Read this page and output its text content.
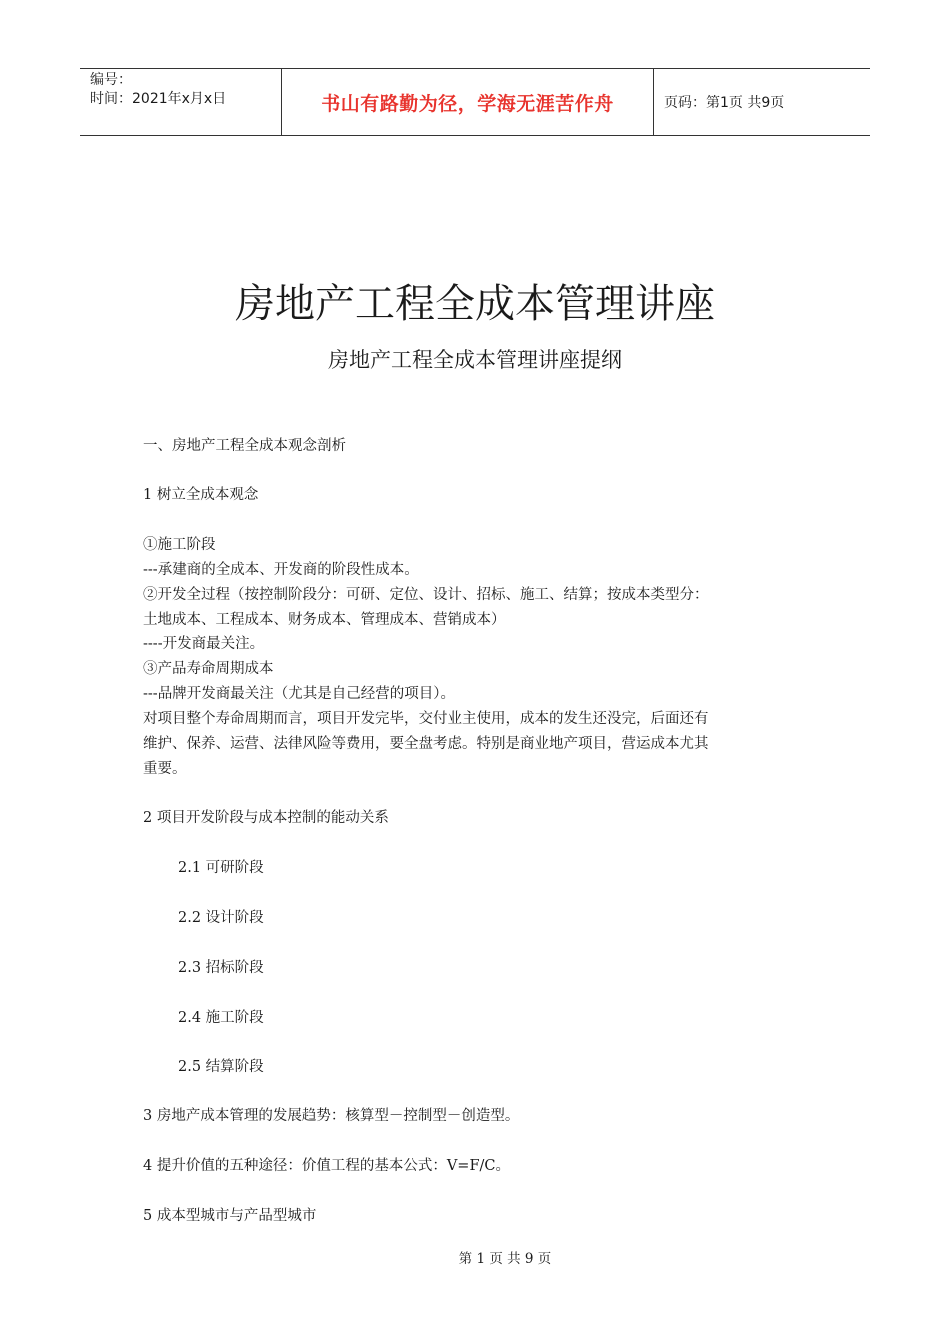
编号：
时间：2021年x月x日	书山有路勤为径，学海无涯苦作舟	页码：第1页 共9页
房地产工程全成本管理讲座
房地产工程全成本管理讲座提纲
一、房地产工程全成本观念剖析
1 树立全成本观念
①施工阶段
---承建商的全成本、开发商的阶段性成本。
②开发全过程（按控制阶段分：可研、定位、设计、招标、施工、结算；按成本类型分：
土地成本、工程成本、财务成本、管理成本、营销成本）
----开发商最关注。
③产品寿命周期成本
---品牌开发商最关注（尤其是自己经营的项目）。
对项目整个寿命周期而言，项目开发完毕，交付业主使用，成本的发生还没完，后面还有
维护、保养、运营、法律风险等费用，要全盘考虑。特别是商业地产项目，营运成本尤其
重要。
2 项目开发阶段与成本控制的能动关系
2.1 可研阶段
2.2 设计阶段
2.3 招标阶段
2.4 施工阶段
2.5 结算阶段
3 房地产成本管理的发展趋势：核算型－控制型－创造型。
4 提升价值的五种途径：价值工程的基本公式：V=F/C。
5 成本型城市与产品型城市
第 1 页 共 9 页
